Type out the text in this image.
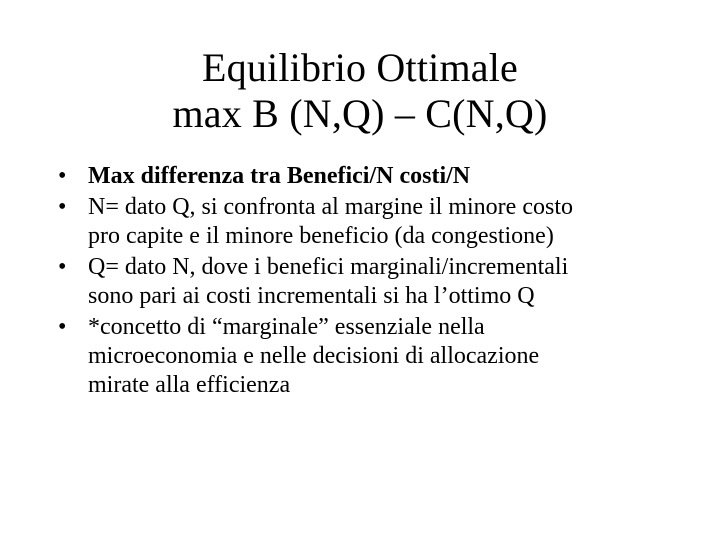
Equilibrio Ottimale
max B (N,Q) – C(N,Q)
• Max differenza tra Benefici/N costi/N
• N= dato Q, si confronta al margine il minore costo
pro capite e il minore beneficio (da congestione)
• Q= dato N, dove i benefici marginali/incrementali
sono pari ai costi incrementali si ha l’ottimo Q
• *concetto di “marginale” essenziale nella
microeconomia e nelle decisioni di allocazione
mirate alla efficienza
